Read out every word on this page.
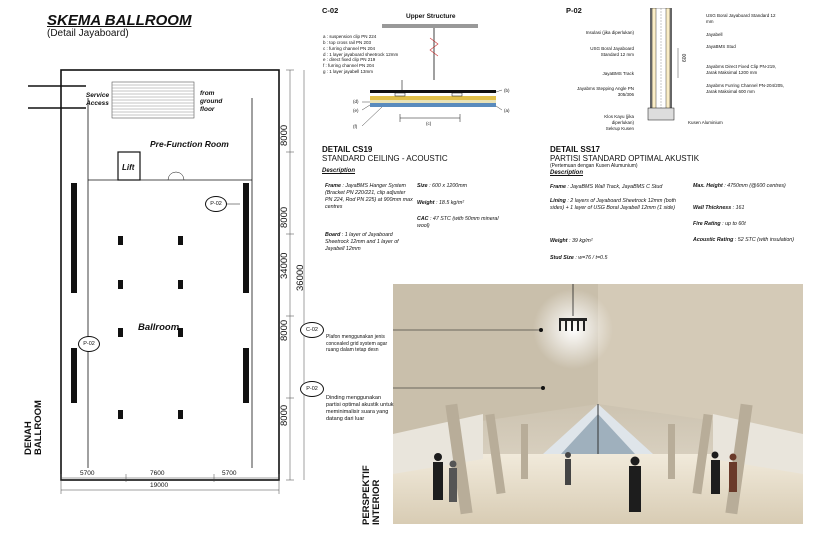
SKEMA BALLROOM
(Detail Jayaboard)
Service Access
from ground floor
Pre-Function Room
Lift
Ballroom
P-02
P-02
8000
8000
34000
8000
8000
36000
5700	7600	5700
19000
DENAH BALLROOM
C-02
Upper Structure
a : suspension clip PN 224
b : top cross rail PN 203
c : furring channel PN 204
d : 1 layer jayaboard sheetrock 12mm
e : direct fixed clip PN 219
f : furring channel PN 204
g : 1 layer jayabell 13mm
(b)
(a)
(d)
(e)
(f)
(c)
DETAIL CS19
STANDARD CEILING - ACOUSTIC
Description
Frame : JayaBMS Hanger System (Bracket PN 220/221, clip adjuster PN 224, Rod PN 225) at 900mm max centres
Board : 1 layer of Jayaboard Sheetrock 12mm and 1 layer of Jayabell 12mm
Size : 600 x 1200mm
Weight : 18.5 kg/m²
CAC : 47 STC (with 50mm mineral wool)
P-02
600
Insulasi (jika diperlukan)
USG Boral Jayaboard Standard 12 mm
JayaBMS Track
Jayabms Stepping Angle PN 305/306
Klos Kayu (jika diperlukan)
Sekrup Kusen
USG Boral Jayaboard Standard 12 mm
Jayabell
JayaBMS Stud
Jayabms Direct Fixed Clip PN-219, Jarak Maksimal 1200 mm
Jayabms Furring Channel PN-204/205, Jarak Maksimal 600 mm
Kusen Aluminium
DETAIL SS17
PARTISI STANDARD OPTIMAL AKUSTIK
(Pertemuan dengan Kusen Alumunium)
Description
Frame : JayaBMS Wall Track, JayaBMS C Stud
Lining : 2 layers of Jayaboard Sheetrock 12mm (both sides) + 1 layer of USG Boral Jayabell 12mm (1 side)
Weight : 39 kg/m²
Stud Size : w=76 / t=0.5
Max. Height : 4750mm (@600 centres)
Wall Thickness : 161
Fire Rating : up to 60t
Acoustic Rating : 52 STC (with insulation)
C-02
Plafon menggunakan jenis concealed grid system agar ruang dalam tetap desn
P-02
Dinding menggunakan partisi optimal akustik untuk meminimalisir suara yang datang dari luar
PERSPEKTIF INTERIOR
